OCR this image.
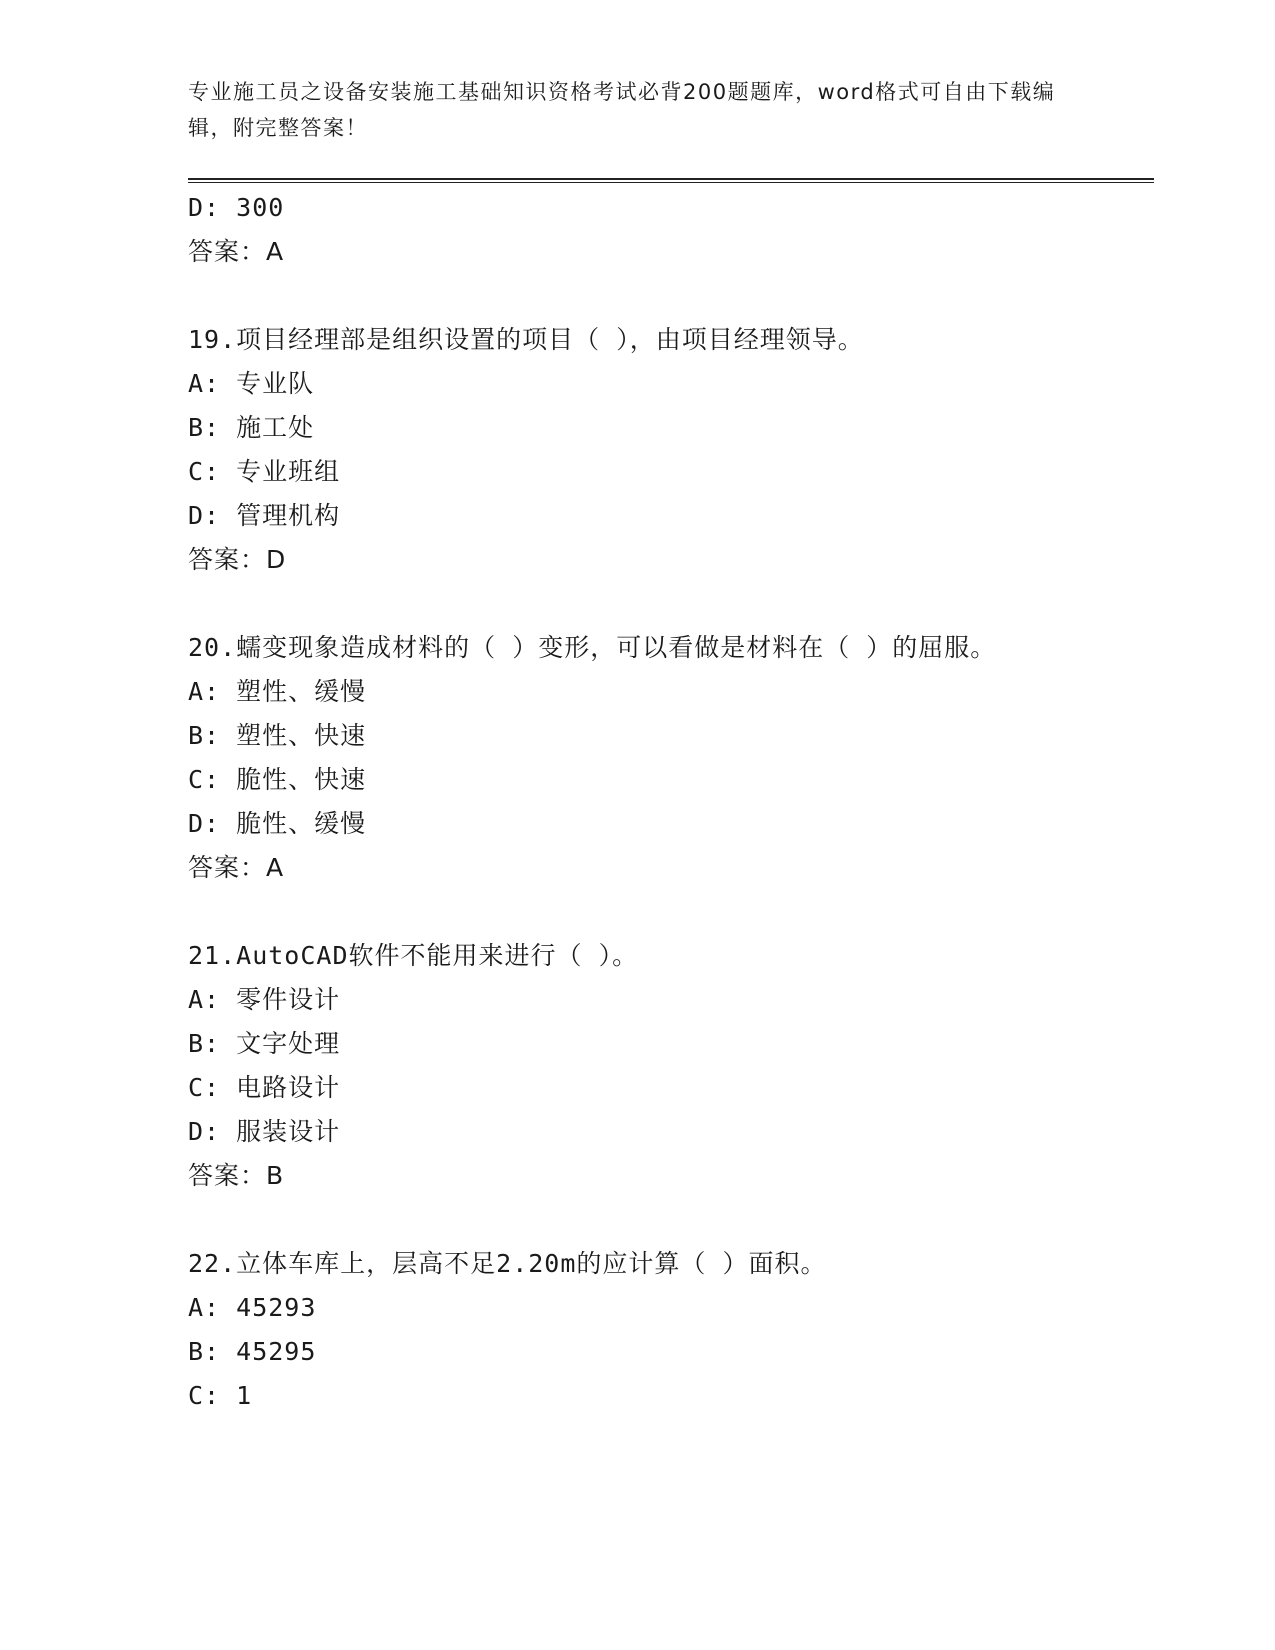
专业施工员之设备安装施工基础知识资格考试必背200题题库，word格式可自由下载编辑，附完整答案！
D: 300
答案：A
19.项目经理部是组织设置的项目（ ），由项目经理领导。
A: 专业队
B: 施工处
C: 专业班组
D: 管理机构
答案：D
20.蠕变现象造成材料的（ ）变形，可以看做是材料在（ ）的屈服。
A: 塑性、缓慢
B: 塑性、快速
C: 脆性、快速
D: 脆性、缓慢
答案：A
21.AutoCAD软件不能用来进行（ ）。
A: 零件设计
B: 文字处理
C: 电路设计
D: 服装设计
答案：B
22.立体车库上，层高不足2.20m的应计算（ ）面积。
A: 45293
B: 45295
C: 1
